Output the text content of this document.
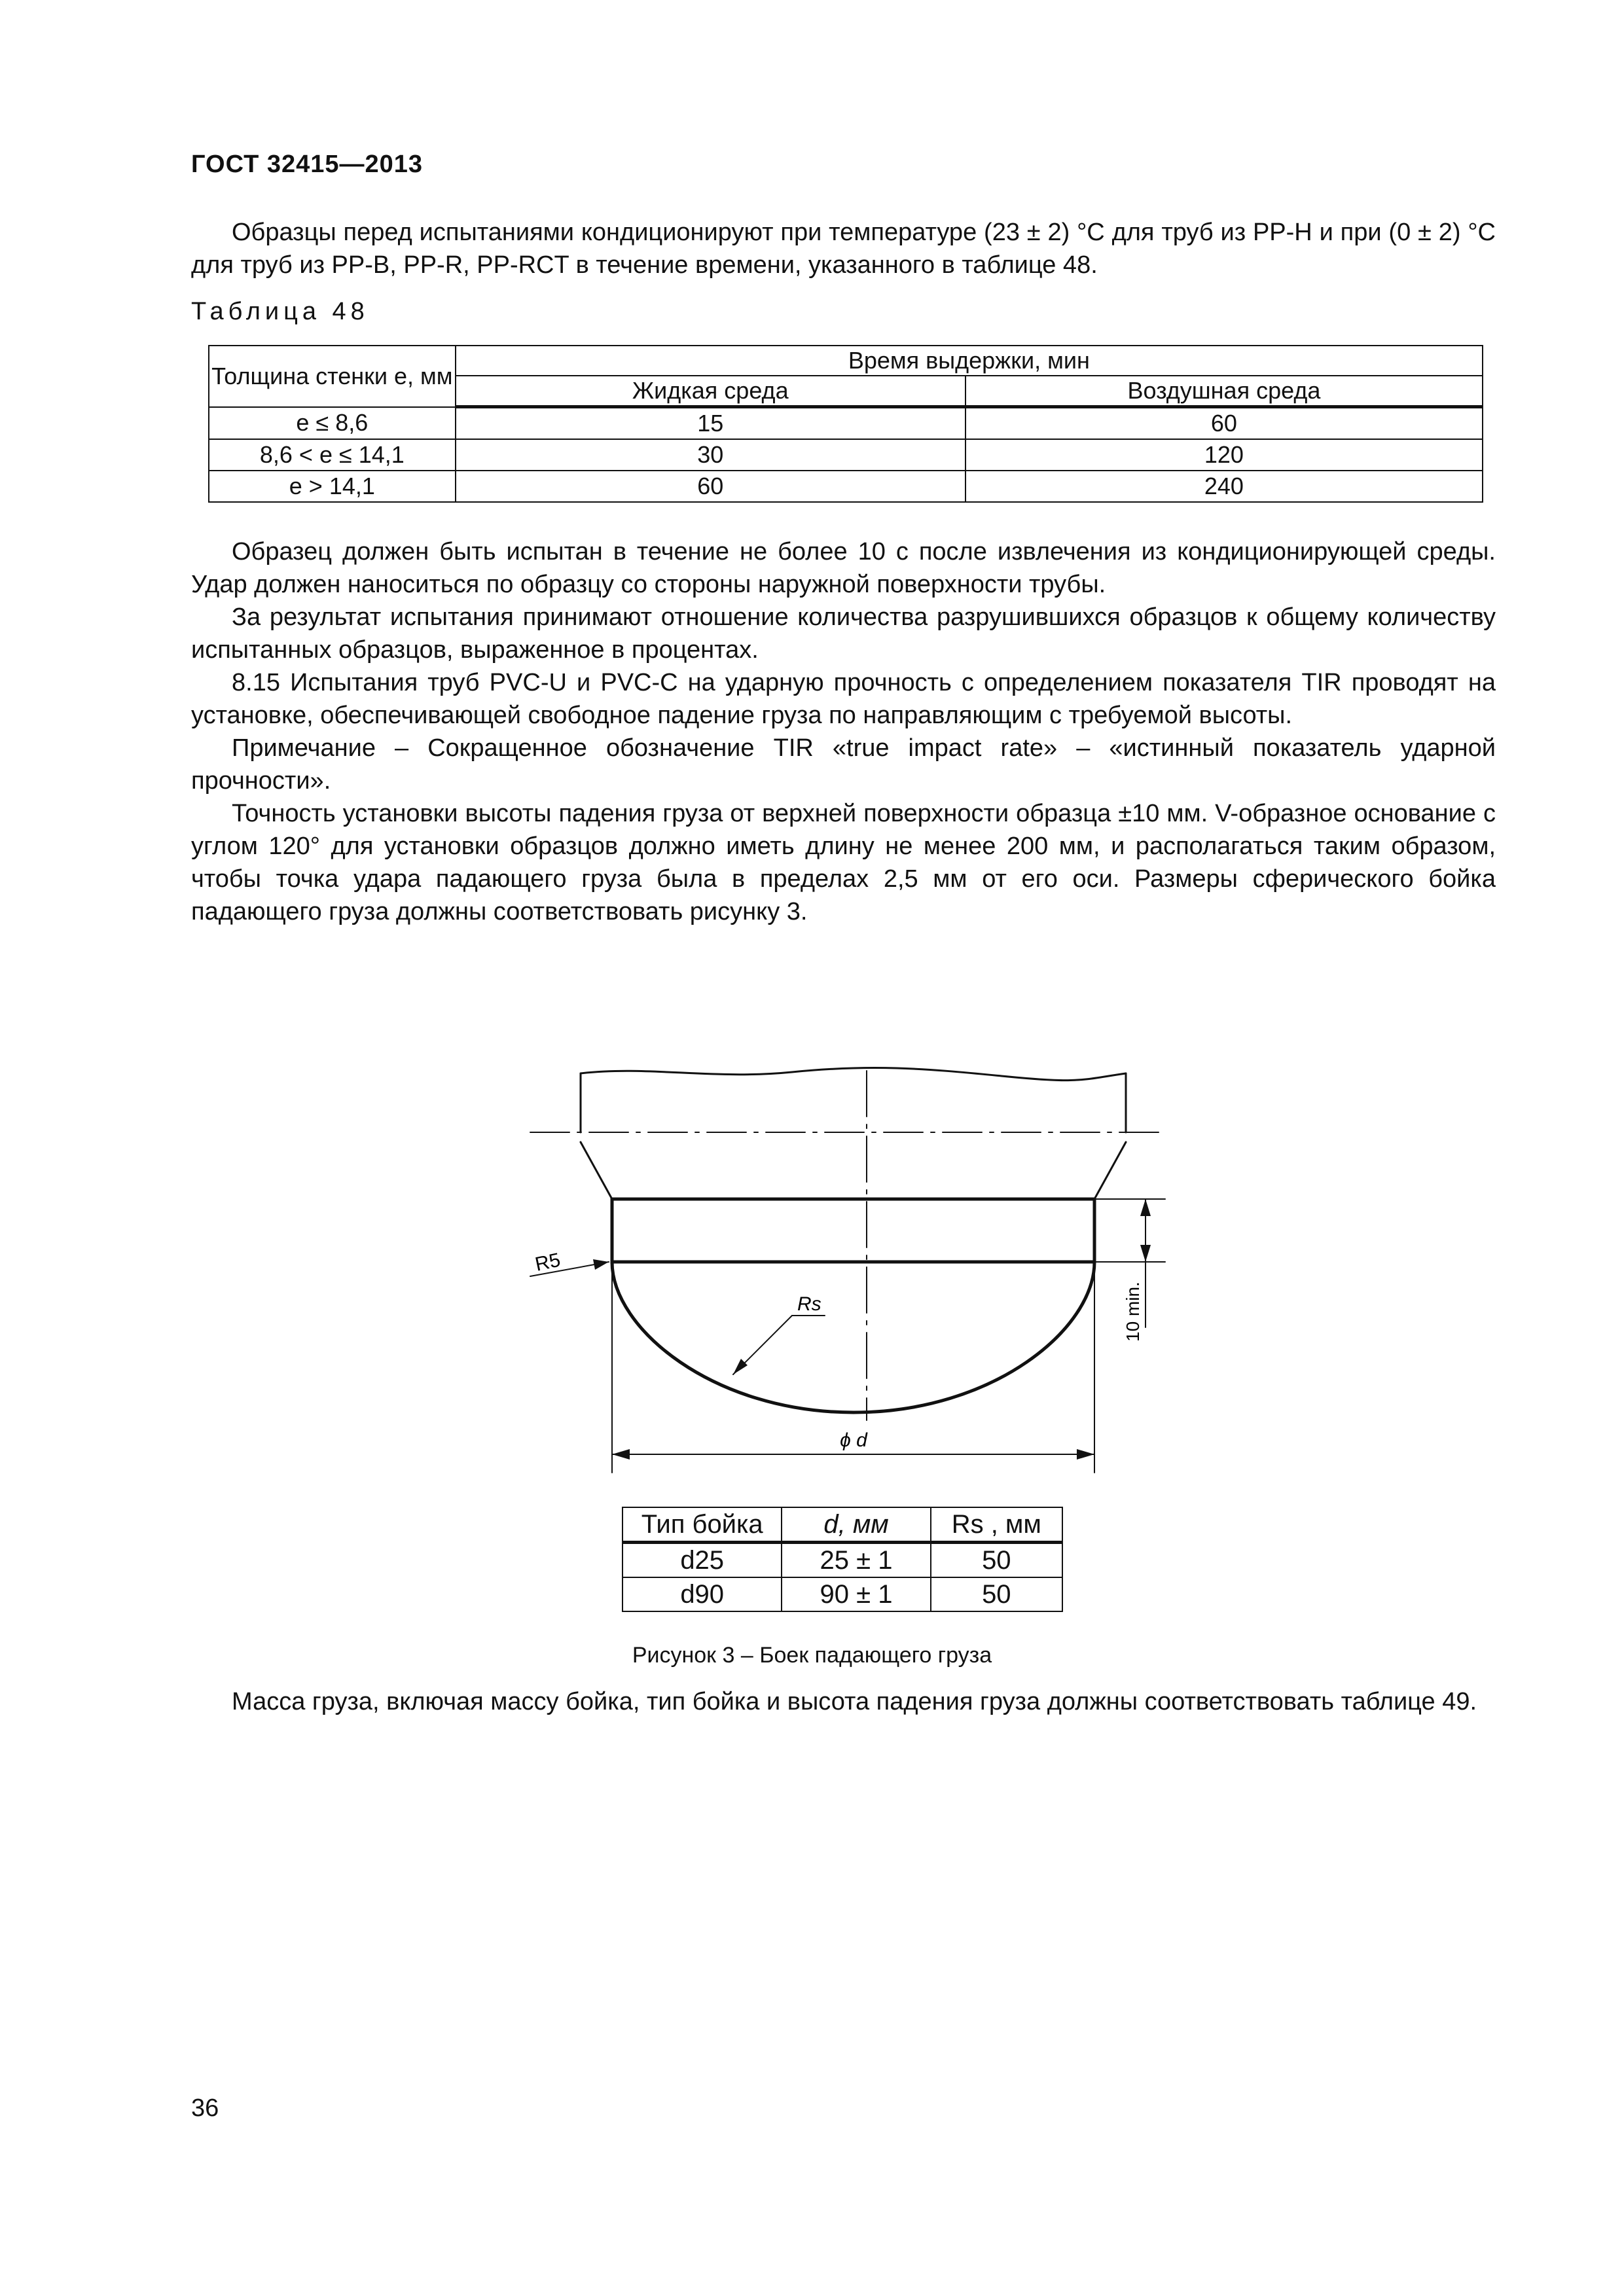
ГОСТ 32415—2013

Образцы перед испытаниями кондиционируют при температуре (23 ± 2) °С для труб из PP-H и при (0 ± 2) °С для труб из PP-B, PP-R, PP-RCT в течение времени, указанного в таблице 48.

Таблица 48
Толщина стенки e, мм	Время выдержки, мин	
	Жидкая среда	Воздушная среда
e ≤ 8,6	15	60
8,6 < e ≤ 14,1	30	120
e > 14,1	60	240

Образец должен быть испытан в течение не более 10 с после извлечения из кондиционирующей среды. Удар должен наноситься по образцу со стороны наружной поверхности трубы.

За результат испытания принимают отношение количества разрушившихся образцов к общему количеству испытанных образцов, выраженное в процентах.

8.15 Испытания труб PVC-U и PVC-C на ударную прочность с определением показателя TIR проводят на установке, обеспечивающей свободное падение груза по направляющим с требуемой высоты.

Примечание – Сокращенное обозначение TIR «true impact rate» – «истинный показатель ударной прочности».

Точность установки высоты падения груза от верхней поверхности образца ±10 мм. V-образное основание с углом 120° для установки образцов должно иметь длину не менее 200 мм, и располагаться таким образом, чтобы точка удара падающего груза была в пределах 2,5 мм от его оси. Размеры сферического бойка падающего груза должны соответствовать рисунку 3.

R5
Rs
ϕ d
10 min.
Тип бойка	d, мм	Rs , мм
d25	25 ± 1	50
d90	90 ± 1	50
Рисунок 3 – Боек падающего груза

Масса груза, включая массу бойка, тип бойка и высота падения груза должны соответствовать таблице 49.

36
